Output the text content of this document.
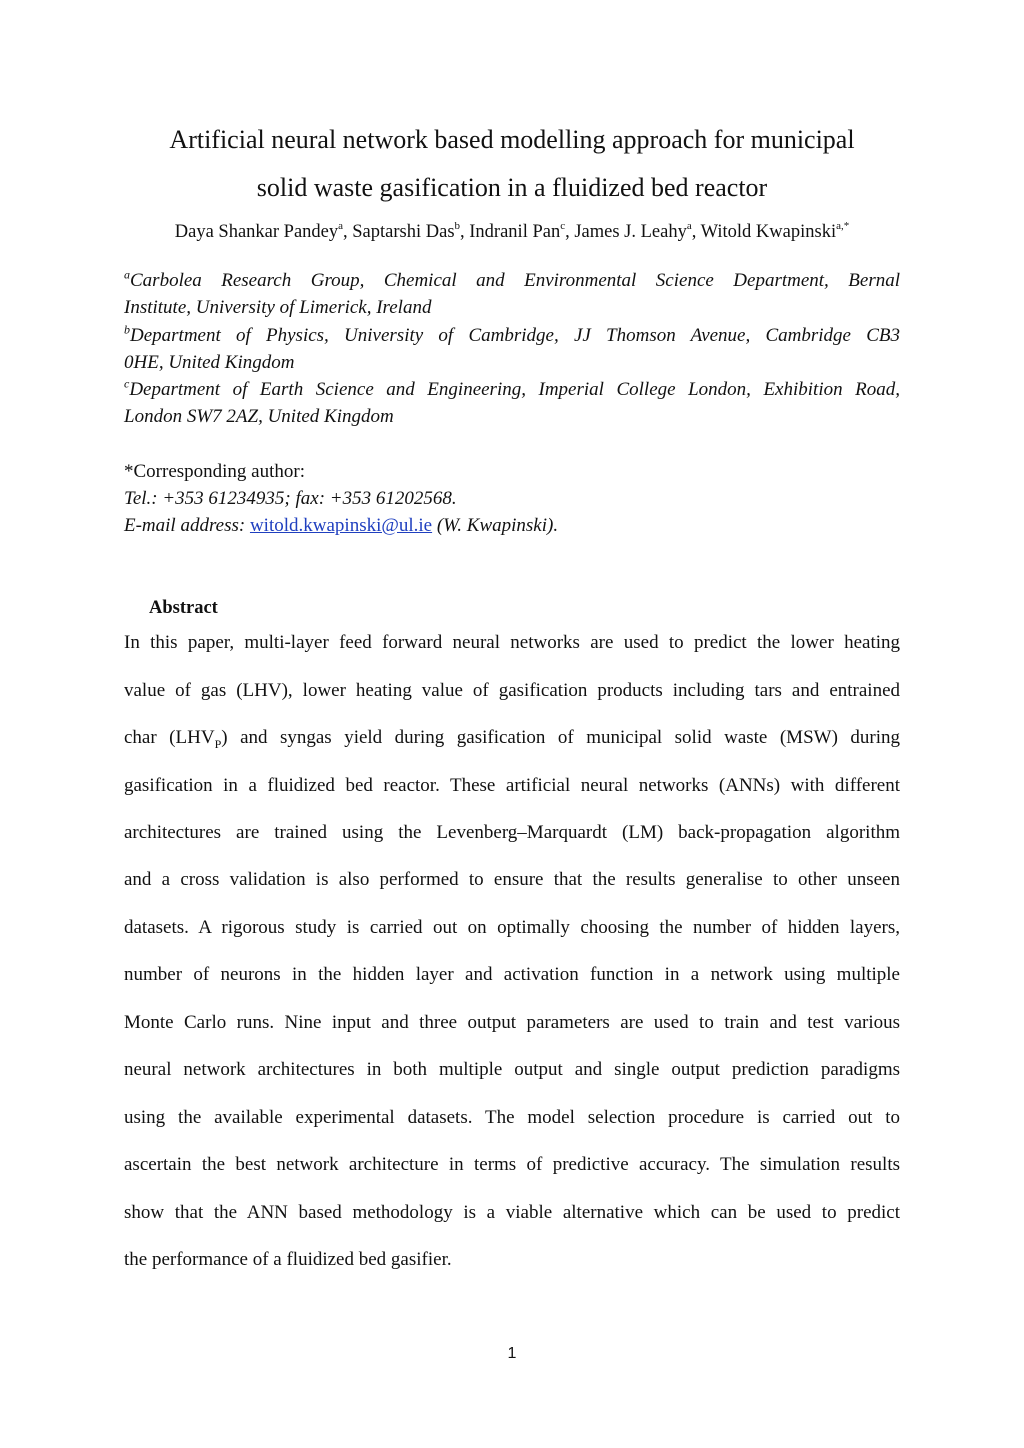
Artificial neural network based modelling approach for municipal
solid waste gasification in a fluidized bed reactor
Daya Shankar Pandey$^a$, Saptarshi Das$^b$, Indranil Pan$^c$, James J. Leahy$^a$, Witold Kwapinski$^{a,*}$
$^a$Carbolea Research Group, Chemical and Environmental Science Department, Bernal
Institute, University of Limerick, Ireland
$^b$Department of Physics, University of Cambridge, JJ Thomson Avenue, Cambridge CB3
0HE, United Kingdom
$^c$Department of Earth Science and Engineering, Imperial College London, Exhibition Road,
London SW7 2AZ, United Kingdom
*Corresponding author:
Tel.: +353 61234935; fax: +353 61202568.
E-mail address: witold.kwapinski@ul.ie (W. Kwapinski).
Abstract
In this paper, multi-layer feed forward neural networks are used to predict the lower heating
value of gas (LHV), lower heating value of gasification products including tars and entrained
char $(LHV_P)$ and syngas yield during gasification of municipal solid waste (MSW) during
gasification in a fluidized bed reactor. These artificial neural networks (ANNs) with different
architectures are trained using the Levenberg–Marquardt (LM) back-propagation algorithm
and a cross validation is also performed to ensure that the results generalise to other unseen
datasets. A rigorous study is carried out on optimally choosing the number of hidden layers,
number of neurons in the hidden layer and activation function in a network using multiple
Monte Carlo runs. Nine input and three output parameters are used to train and test various
neural network architectures in both multiple output and single output prediction paradigms
using the available experimental datasets. The model selection procedure is carried out to
ascertain the best network architecture in terms of predictive accuracy. The simulation results
show that the ANN based methodology is a viable alternative which can be used to predict
the performance of a fluidized bed gasifier.
1
